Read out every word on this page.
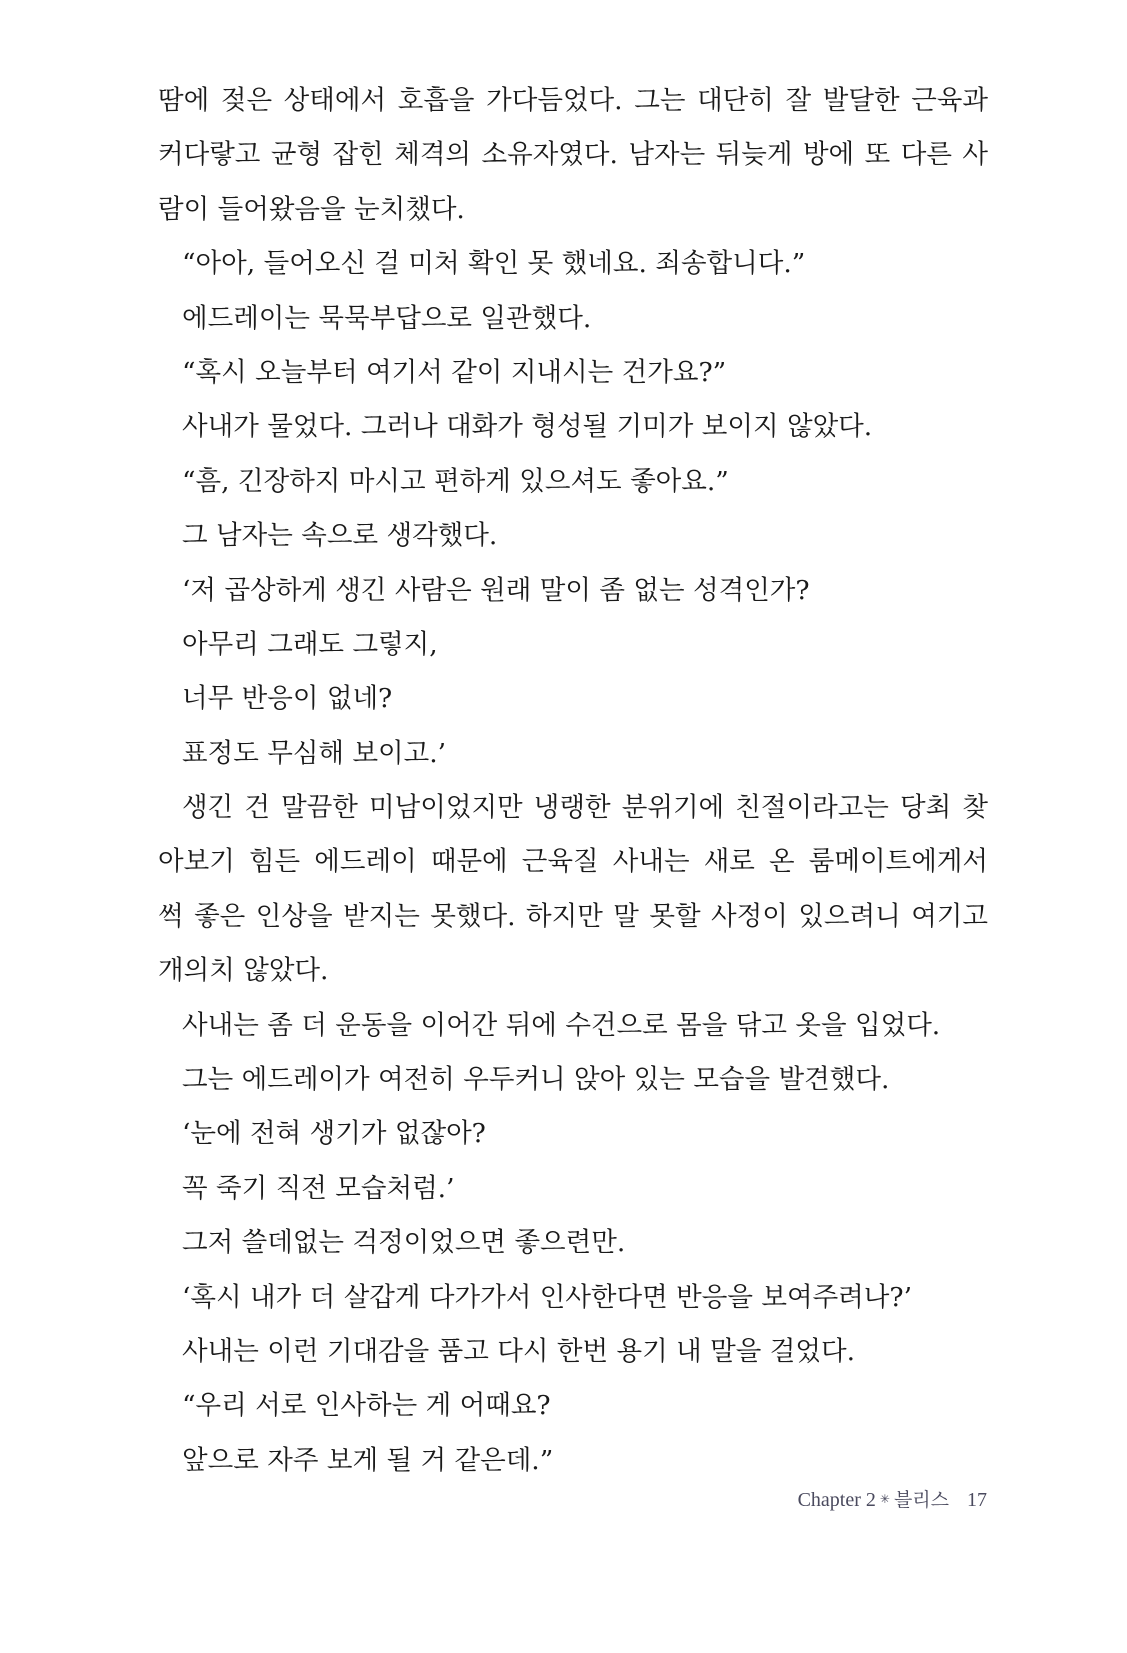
땀에 젖은 상태에서 호흡을 가다듬었다. 그는 대단히 잘 발달한 근육과
커다랗고 균형 잡힌 체격의 소유자였다. 남자는 뒤늦게 방에 또 다른 사
람이 들어왔음을 눈치챘다.
“아아, 들어오신 걸 미처 확인 못 했네요. 죄송합니다.”
에드레이는 묵묵부답으로 일관했다.
“혹시 오늘부터 여기서 같이 지내시는 건가요?”
사내가 물었다. 그러나 대화가 형성될 기미가 보이지 않았다.
“흠, 긴장하지 마시고 편하게 있으셔도 좋아요.”
그 남자는 속으로 생각했다.
‘저 곱상하게 생긴 사람은 원래 말이 좀 없는 성격인가?
아무리 그래도 그렇지,
너무 반응이 없네?
표정도 무심해 보이고.’
생긴 건 말끔한 미남이었지만 냉랭한 분위기에 친절이라고는 당최 찾
아보기 힘든 에드레이 때문에 근육질 사내는 새로 온 룸메이트에게서
썩 좋은 인상을 받지는 못했다. 하지만 말 못할 사정이 있으려니 여기고
개의치 않았다.
사내는 좀 더 운동을 이어간 뒤에 수건으로 몸을 닦고 옷을 입었다.
그는 에드레이가 여전히 우두커니 앉아 있는 모습을 발견했다.
‘눈에 전혀 생기가 없잖아?
꼭 죽기 직전 모습처럼.’
그저 쓸데없는 걱정이었으면 좋으련만.
‘혹시 내가 더 살갑게 다가가서 인사한다면 반응을 보여주려나?’
사내는 이런 기대감을 품고 다시 한번 용기 내 말을 걸었다.
“우리 서로 인사하는 게 어때요?
앞으로 자주 보게 될 거 같은데.”
Chapter 2 ✳ 블리스 17
